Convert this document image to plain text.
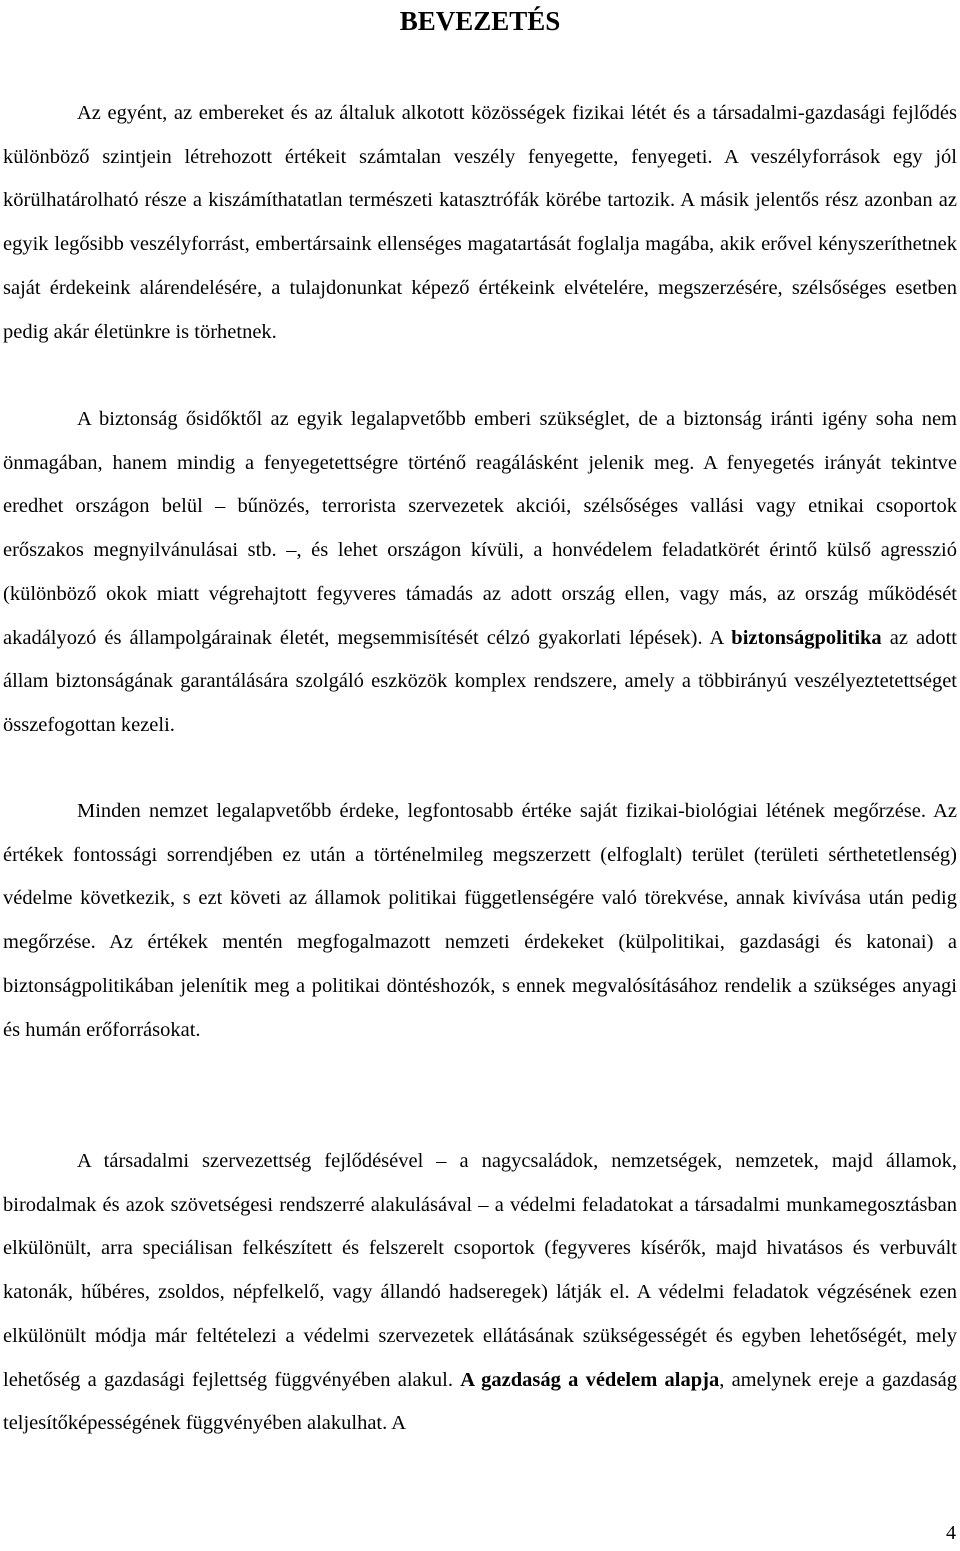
BEVEZETÉS

Az egyént, az embereket és az általuk alkotott közösségek fizikai létét és a társadalmi-gazdasági fejlődés különböző szintjein létrehozott értékeit számtalan veszély fenyegette, fenyegeti. A veszélyforrások egy jól körülhatárolható része a kiszámíthatatlan természeti katasztrófák körébe tartozik. A másik jelentős rész azonban az egyik legősibb veszélyforrást, embertársaink ellenséges magatartását foglalja magába, akik erővel kényszeríthetnek saját érdekeink alárendelésére, a tulajdonunkat képező értékeink elvételére, megszerzésére, szélsőséges esetben pedig akár életünkre is törhetnek.

A biztonság ősidőktől az egyik legalapvetőbb emberi szükséglet, de a biztonság iránti igény soha nem önmagában, hanem mindig a fenyegetettségre történő reagálásként jelenik meg. A fenyegetés irányát tekintve eredhet országon belül – bűnözés, terrorista szervezetek akciói, szélsőséges vallási vagy etnikai csoportok erőszakos megnyilvánulásai stb. –, és lehet országon kívüli, a honvédelem feladatkörét érintő külső agresszió (különböző okok miatt végrehajtott fegyveres támadás az adott ország ellen, vagy más, az ország működését akadályozó és állampolgárainak életét, megsemmisítését célzó gyakorlati lépések). A biztonságpolitika az adott állam biztonságának garantálására szolgáló eszközök komplex rendszere, amely a többirányú veszélyeztetettséget összefogottan kezeli.

Minden nemzet legalapvetőbb érdeke, legfontosabb értéke saját fizikai-biológiai létének megőrzése. Az értékek fontossági sorrendjében ez után a történelmileg megszerzett (elfoglalt) terület (területi sérthetetlenség) védelme következik, s ezt követi az államok politikai függetlenségére való törekvése, annak kivívása után pedig megőrzése. Az értékek mentén megfogalmazott nemzeti érdekeket (külpolitikai, gazdasági és katonai) a biztonságpolitikában jelenítik meg a politikai döntéshozók, s ennek megvalósításához rendelik a szükséges anyagi és humán erőforrásokat.

A társadalmi szervezettség fejlődésével – a nagycsaládok, nemzetségek, nemzetek, majd államok, birodalmak és azok szövetségesi rendszerré alakulásával – a védelmi feladatokat a társadalmi munkamegosztásban elkülönült, arra speciálisan felkészített és felszerelt csoportok (fegyveres kísérők, majd hivatásos és verbuvált katonák, hűbéres, zsoldos, népfelkelő, vagy állandó hadseregek) látják el. A védelmi feladatok végzésének ezen elkülönült módja már feltételezi a védelmi szervezetek ellátásának szükségességét és egyben lehetőségét, mely lehetőség a gazdasági fejlettség függvényében alakul. A gazdaság a védelem alapja, amelynek ereje a gazdaság teljesítőképességének függvényében alakulhat. A

4
